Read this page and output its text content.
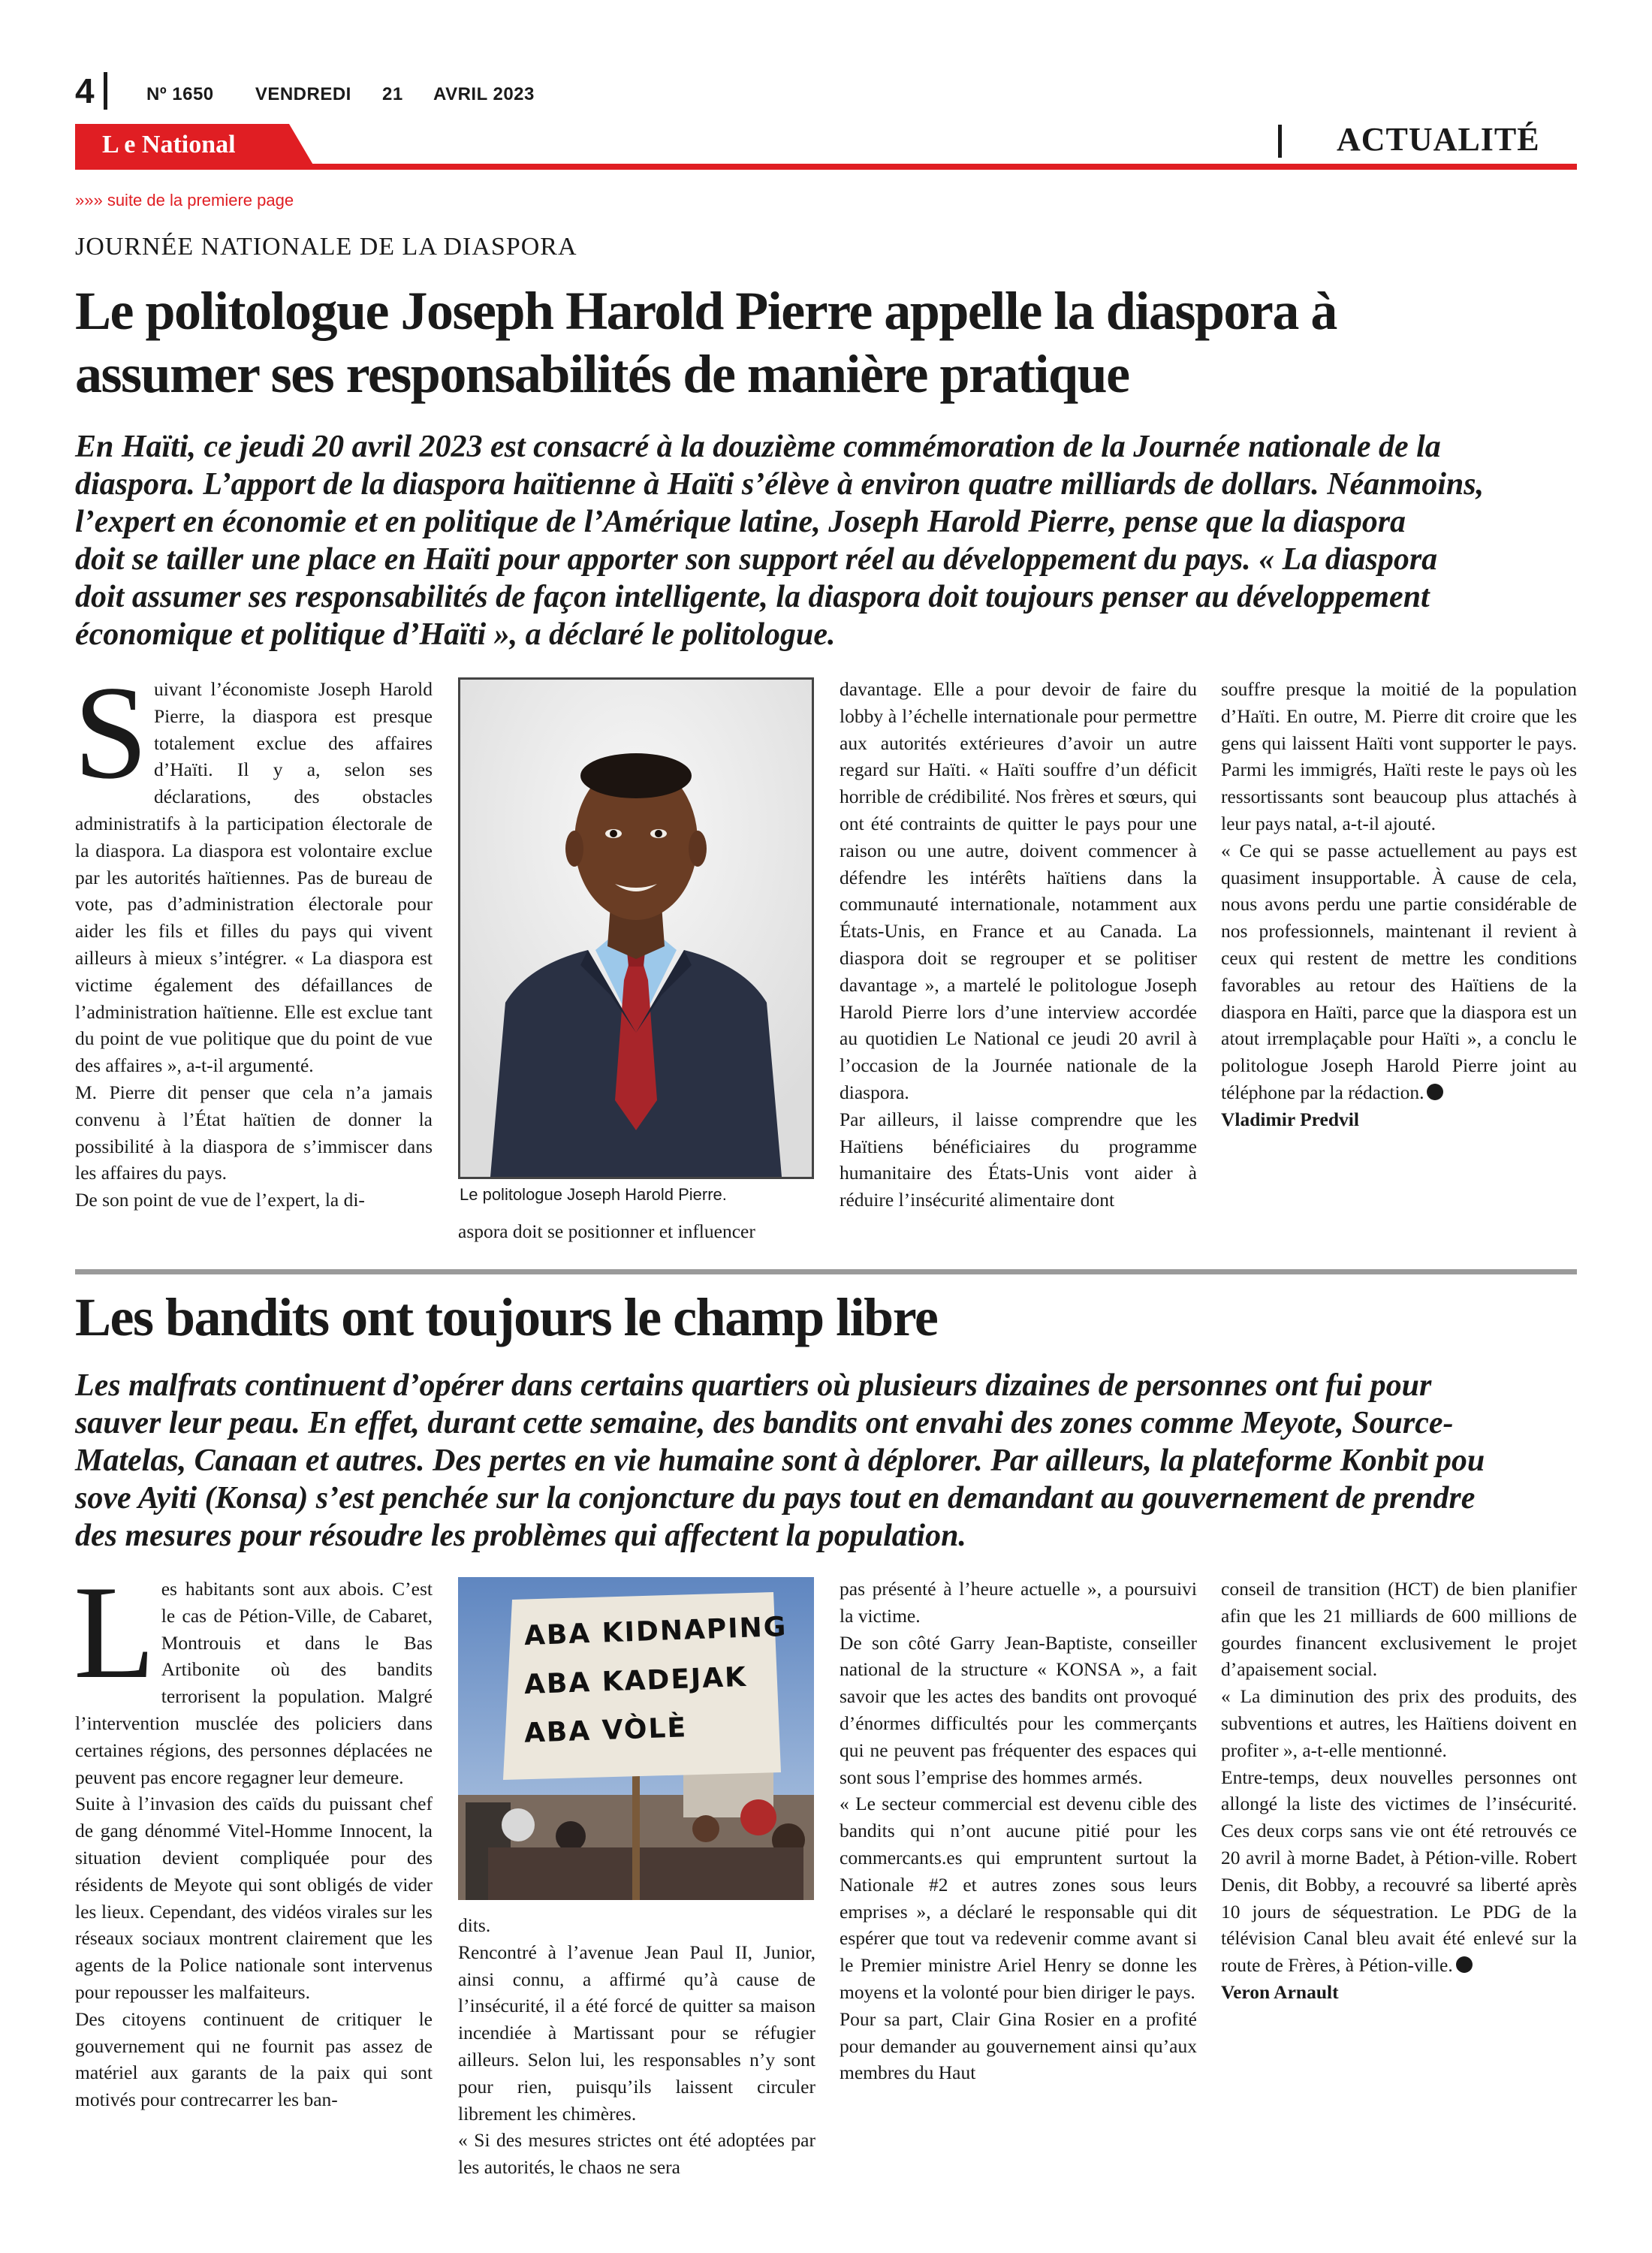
4	Nº 1650 VENDREDI 21 AVRIL 2023
L e National	ACTUALITÉ
»»» suite de la premiere page
JOURNÉE NATIONALE DE LA DIASPORA
Le politologue Joseph Harold Pierre appelle la diaspora à
assumer ses responsabilités de manière pratique
En Haïti, ce jeudi 20 avril 2023 est consacré à la douzième commémoration de la Journée nationale de la
diaspora. L’apport de la diaspora haïtienne à Haïti s’élève à environ quatre milliards de dollars. Néanmoins,
l’expert en économie et en politique de l’Amérique latine, Joseph Harold Pierre, pense que la diaspora
doit se tailler une place en Haïti pour apporter son support réel au développement du pays. « La diaspora
doit assumer ses responsabilités de façon intelligente, la diaspora doit toujours penser au développement
économique et politique d’Haïti », a déclaré le politologue.

Suivant l’économiste Joseph Harold Pierre, la diaspora est presque totalement exclue des affaires d’Haïti. Il y a, selon ses déclarations, des obstacles administratifs à la participation électorale de la diaspora. La diaspora est volontaire exclue par les autorités haïtiennes. Pas de bureau de vote, pas d’administration électorale pour aider les fils et filles du pays qui vivent ailleurs à mieux s’intégrer. « La diaspora est victime également des défaillances de l’administration haïtienne. Elle est exclue tant du point de vue politique que du point de vue des affaires », a-t-il argumenté.

M. Pierre dit penser que cela n’a jamais convenu à l’État haïtien de donner la possibilité à la diaspora de s’immiscer dans les affaires du pays.

De son point de vue de l’expert, la di-	Le politologue Joseph Harold Pierre.

aspora doit se positionner et influencer

davantage. Elle a pour devoir de faire du lobby à l’échelle internationale pour permettre aux autorités extérieures d’avoir un autre regard sur Haïti. « Haïti souffre d’un déficit horrible de crédibilité. Nos frères et sœurs, qui ont été contraints de quitter le pays pour une raison ou une autre, doivent commencer à défendre les intérêts haïtiens dans la communauté internationale, notamment aux États-Unis, en France et au Canada. La diaspora doit se regrouper et se politiser davantage », a martelé le politologue Joseph Harold Pierre lors d’une interview accordée au quotidien Le National ce jeudi 20 avril à l’occasion de la Journée nationale de la diaspora.

Par ailleurs, il laisse comprendre que les Haïtiens bénéficiaires du programme humanitaire des États-Unis vont aider à réduire l’insécurité alimentaire dont

souffre presque la moitié de la population d’Haïti. En outre, M. Pierre dit croire que les gens qui laissent Haïti vont supporter le pays. Parmi les immigrés, Haïti reste le pays où les ressortissants sont beaucoup plus attachés à leur pays natal, a-t-il ajouté.

« Ce qui se passe actuellement au pays est quasiment insupportable. À cause de cela, nous avons perdu une partie considérable de nos professionnels, maintenant il revient à ceux qui restent de mettre les conditions favorables au retour des Haïtiens de la diaspora en Haïti, parce que la diaspora est un atout irremplaçable pour Haïti », a conclu le politologue Joseph Harold Pierre joint au téléphone par la rédaction.

Vladimir Predvil

Les bandits ont toujours le champ libre
Les malfrats continuent d’opérer dans certains quartiers où plusieurs dizaines de personnes ont fui pour
sauver leur peau. En effet, durant cette semaine, des bandits ont envahi des zones comme Meyote, Source-
Matelas, Canaan et autres. Des pertes en vie humaine sont à déplorer. Par ailleurs, la plateforme Konbit pou
sove Ayiti (Konsa) s’est penchée sur la conjoncture du pays tout en demandant au gouvernement de prendre
des mesures pour résoudre les problèmes qui affectent la population.

Les habitants sont aux abois. C’est le cas de Pétion-Ville, de Cabaret, Montrouis et dans le Bas Artibonite où des bandits terrorisent la population. Malgré l’intervention musclée des policiers dans certaines régions, des personnes déplacées ne peuvent pas encore regagner leur demeure.

Suite à l’invasion des caïds du puissant chef de gang dénommé Vitel-Homme Innocent, la situation devient compliquée pour des résidents de Meyote qui sont obligés de vider les lieux. Cependant, des vidéos virales sur les réseaux sociaux montrent clairement que les agents de la Police nationale sont intervenus pour repousser les malfaiteurs.

Des citoyens continuent de critiquer le gouvernement qui ne fournit pas assez de matériel aux garants de la paix qui sont motivés pour contrecarrer les ban-

ABA KIDNAPING
ABA KADEJAK
ABA VÒLÈ

dits.

Rencontré à l’avenue Jean Paul II, Junior, ainsi connu, a affirmé qu’à cause de l’insécurité, il a été forcé de quitter sa maison incendiée à Martissant pour se réfugier ailleurs. Selon lui, les responsables n’y sont pour rien, puisqu’ils laissent circuler librement les chimères.

« Si des mesures strictes ont été adoptées par les autorités, le chaos ne sera

pas présenté à l’heure actuelle », a poursuivi la victime.

De son côté Garry Jean-Baptiste, conseiller national de la structure « KONSA », a fait savoir que les actes des bandits ont provoqué d’énormes difficultés pour les commerçants qui ne peuvent pas fréquenter des espaces qui sont sous l’emprise des hommes armés.

« Le secteur commercial est devenu cible des bandits qui n’ont aucune pitié pour les commercants.es qui empruntent surtout la Nationale #2 et autres zones sous leurs emprises », a déclaré le responsable qui dit espérer que tout va redevenir comme avant si le Premier ministre Ariel Henry se donne les moyens et la volonté pour bien diriger le pays.

Pour sa part, Clair Gina Rosier en a profité pour demander au gouvernement ainsi qu’aux membres du Haut

conseil de transition (HCT) de bien planifier afin que les 21 milliards de 600 millions de gourdes financent exclusivement le projet d’apaisement social.

« La diminution des prix des produits, des subventions et autres, les Haïtiens doivent en profiter », a-t-elle mentionné.

Entre-temps, deux nouvelles personnes ont allongé la liste des victimes de l’insécurité. Ces deux corps sans vie ont été retrouvés ce 20 avril à morne Badet, à Pétion-ville. Robert Denis, dit Bobby, a recouvré sa liberté après 10 jours de séquestration. Le PDG de la télévision Canal bleu avait été enlevé sur la route de Frères, à Pétion-ville.

Veron Arnault
